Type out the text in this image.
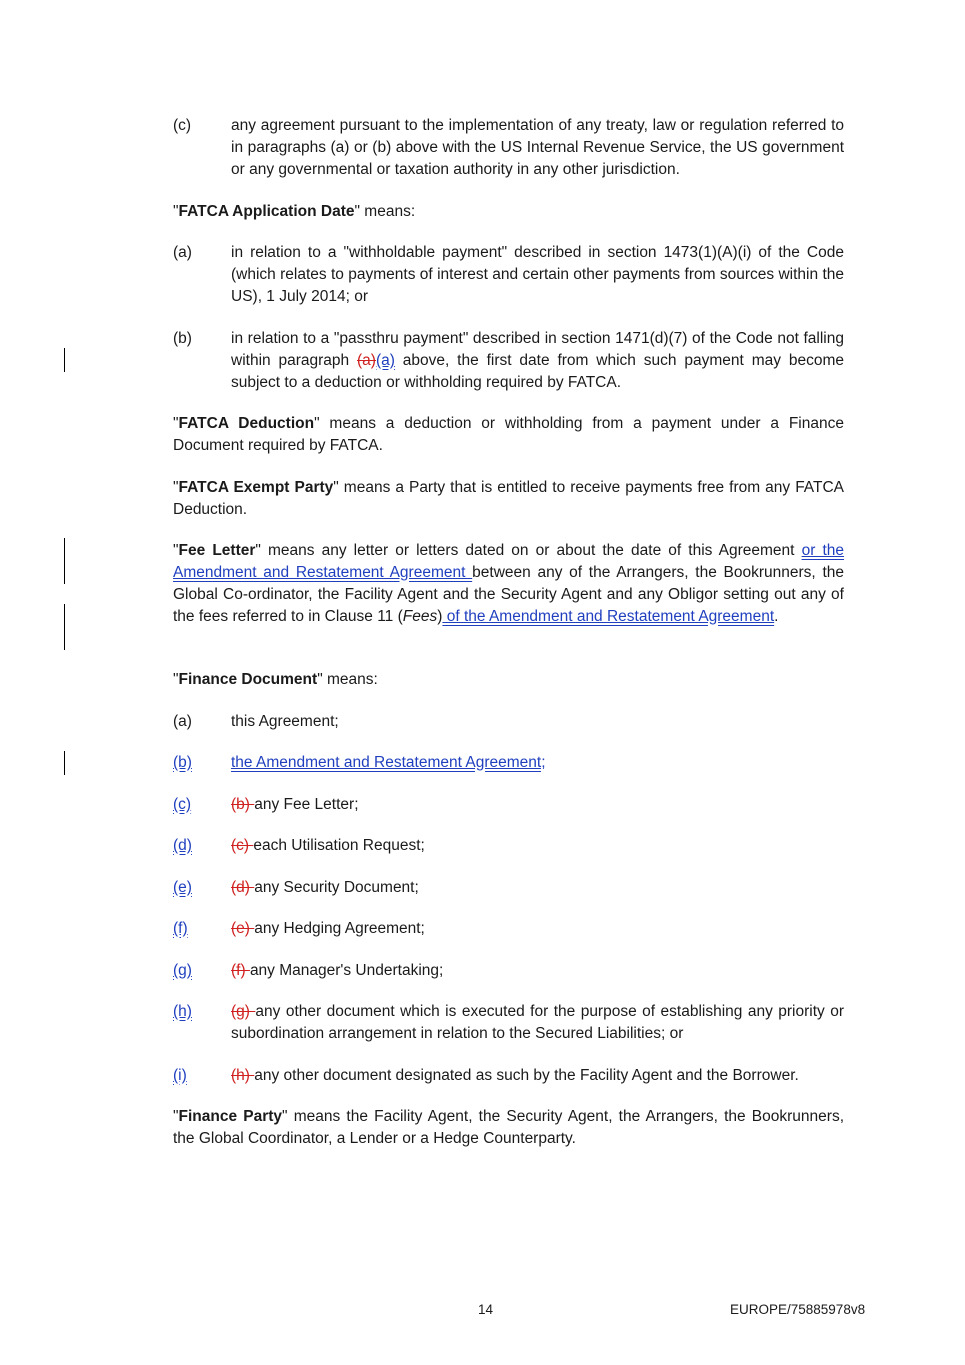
(c)	any agreement pursuant to the implementation of any treaty, law or regulation referred to in paragraphs (a) or (b) above with the US Internal Revenue Service, the US government or any governmental or taxation authority in any other jurisdiction.
"FATCA Application Date" means:
(a)	in relation to a "withholdable payment" described in section 1473(1)(A)(i) of the Code (which relates to payments of interest and certain other payments from sources within the US), 1 July 2014; or
(b)	in relation to a "passthru payment" described in section 1471(d)(7) of the Code not falling within paragraph (a)(a) above, the first date from which such payment may become subject to a deduction or withholding required by FATCA.
"FATCA Deduction" means a deduction or withholding from a payment under a Finance Document required by FATCA.
"FATCA Exempt Party" means a Party that is entitled to receive payments free from any FATCA Deduction.
"Fee Letter" means any letter or letters dated on or about the date of this Agreement or the Amendment and Restatement Agreement between any of the Arrangers, the Bookrunners, the Global Co-ordinator, the Facility Agent and the Security Agent and any Obligor setting out any of the fees referred to in Clause 11 (Fees) of the Amendment and Restatement Agreement.
"Finance Document" means:
(a)	this Agreement;
(b)	the Amendment and Restatement Agreement;
(c)	(b) any Fee Letter;
(d)	(c) each Utilisation Request;
(e)	(d) any Security Document;
(f)	(e) any Hedging Agreement;
(g)	(f) any Manager's Undertaking;
(h)	(g) any other document which is executed for the purpose of establishing any priority or subordination arrangement in relation to the Secured Liabilities; or
(i)	(h) any other document designated as such by the Facility Agent and the Borrower.
"Finance Party" means the Facility Agent, the Security Agent, the Arrangers, the Bookrunners, the Global Coordinator, a Lender or a Hedge Counterparty.
14	EUROPE/75885978v8
